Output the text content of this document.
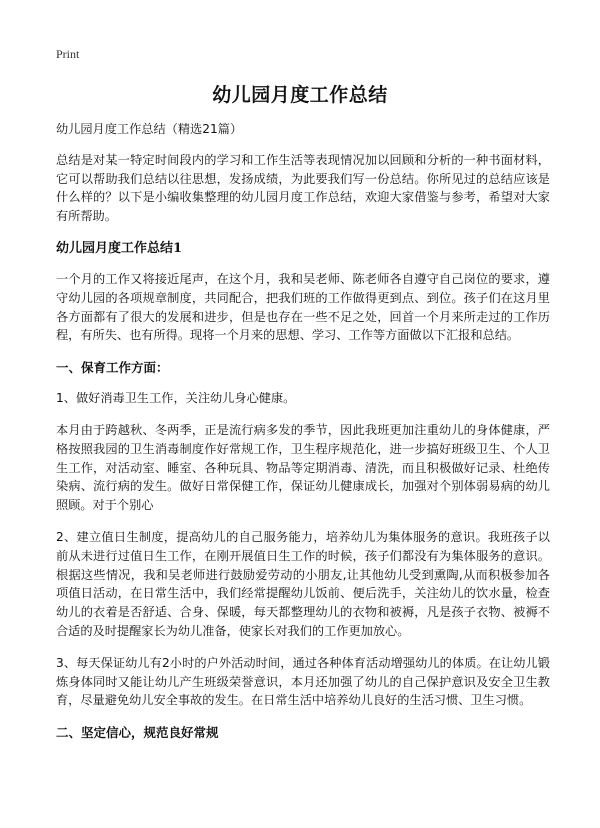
Print
幼儿园月度工作总结

幼儿园月度工作总结（精选21篇）

总结是对某一特定时间段内的学习和工作生活等表现情况加以回顾和分析的一种书面材料，它可以帮助我们总结以往思想，发扬成绩，为此要我们写一份总结。你所见过的总结应该是什么样的？以下是小编收集整理的幼儿园月度工作总结，欢迎大家借鉴与参考，希望对大家有所帮助。

幼儿园月度工作总结1

一个月的工作又将接近尾声，在这个月，我和吴老师、陈老师各自遵守自己岗位的要求，遵守幼儿园的各项规章制度，共同配合，把我们班的工作做得更到点、到位。孩子们在这月里各方面都有了很大的发展和进步，但是也存在一些不足之处，回首一个月来所走过的工作历程，有所失、也有所得。现将一个月来的思想、学习、工作等方面做以下汇报和总结。

一、保育工作方面：

1、做好消毒卫生工作，关注幼儿身心健康。

本月由于跨越秋、冬两季，正是流行病多发的季节，因此我班更加注重幼儿的身体健康，严格按照我园的卫生消毒制度作好常规工作，卫生程序规范化，进一步搞好班级卫生、个人卫生工作，对活动室、睡室、各种玩具、物品等定期消毒、清洗，而且积极做好记录、杜绝传染病、流行病的发生。做好日常保健工作，保证幼儿健康成长，加强对个别体弱易病的幼儿照顾。对于个别心

2、建立值日生制度，提高幼儿的自己服务能力，培养幼儿为集体服务的意识。我班孩子以前从未进行过值日生工作，在刚开展值日生工作的时候，孩子们都没有为集体服务的意识。根据这些情况，我和吴老师进行鼓励爱劳动的小朋友,让其他幼儿受到熏陶,从而积极参加各项值日活动，在日常生活中，我们经常提醒幼儿饭前、便后洗手，关注幼儿的饮水量，检查幼儿的衣着是否舒适、合身、保暖，每天都整理幼儿的衣物和被褥，凡是孩子衣物、被褥不合适的及时提醒家长为幼儿准备，使家长对我们的工作更加放心。

3、每天保证幼儿有2小时的户外活动时间，通过各种体育活动增强幼儿的体质。在让幼儿锻炼身体同时又能让幼儿产生班级荣誉意识，本月还加强了幼儿的自己保护意识及安全卫生教育，尽量避免幼儿安全事故的发生。在日常生活中培养幼儿良好的生活习惯、卫生习惯。

二、坚定信心，规范良好常规
